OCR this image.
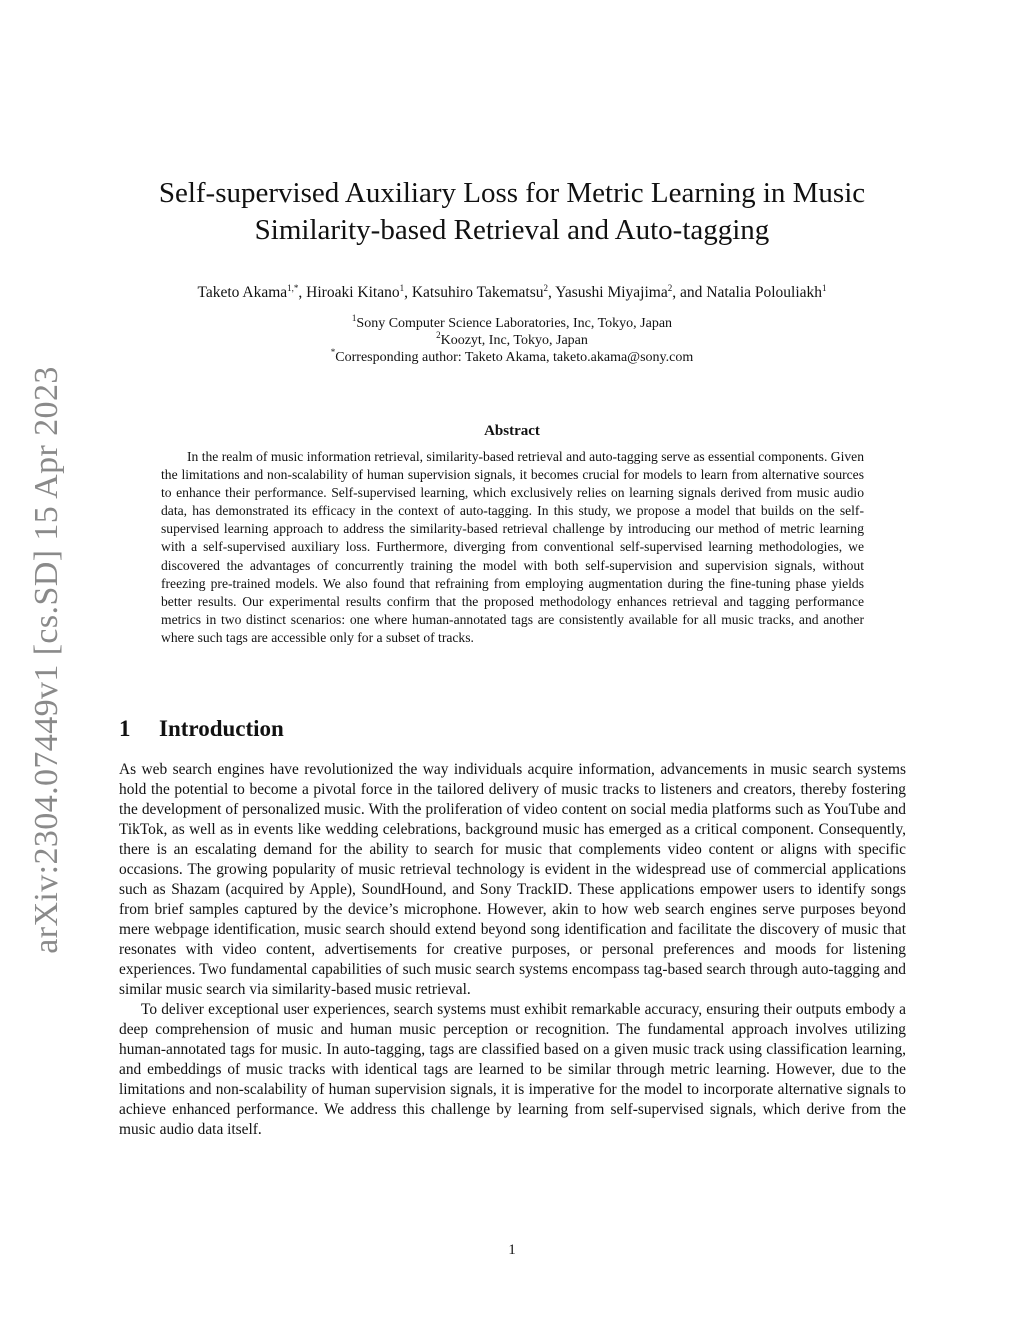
arXiv:2304.07449v1 [cs.SD] 15 Apr 2023
Self-supervised Auxiliary Loss for Metric Learning in Music
Similarity-based Retrieval and Auto-tagging

Taketo Akama$^{1,*}$, Hiroaki Kitano$^1$, Katsuhiro Takematsu$^2$, Yasushi Miyajima$^2$, and Natalia Polouliakh$^1$

$^1$Sony Computer Science Laboratories, Inc, Tokyo, Japan
$^2$Koozyt, Inc, Tokyo, Japan
*Corresponding author: Taketo Akama, taketo.akama@sony.com
Abstract

In the realm of music information retrieval, similarity-based retrieval and auto-tagging serve as essential components. Given the limitations and non-scalability of human supervision signals, it becomes crucial for models to learn from alternative sources to enhance their performance. Self-supervised learning, which exclusively relies on learning signals derived from music audio data, has demonstrated its efficacy in the context of auto-tagging. In this study, we propose a model that builds on the self-supervised learning approach to address the similarity-based retrieval challenge by introducing our method of metric learning with a self-supervised auxiliary loss. Furthermore, diverging from conventional self-supervised learning methodologies, we discovered the advantages of concurrently training the model with both self-supervision and supervision signals, without freezing pre-trained models. We also found that refraining from employing augmentation during the fine-tuning phase yields better results. Our experimental results confirm that the proposed methodology enhances retrieval and tagging performance metrics in two distinct scenarios: one where human-annotated tags are consistently available for all music tracks, and another where such tags are accessible only for a subset of tracks.

1 Introduction

As web search engines have revolutionized the way individuals acquire information, advancements in music search systems hold the potential to become a pivotal force in the tailored delivery of music tracks to listeners and creators, thereby fostering the development of personalized music. With the proliferation of video content on social media platforms such as YouTube and TikTok, as well as in events like wedding celebrations, background music has emerged as a critical component. Consequently, there is an escalating demand for the ability to search for music that complements video content or aligns with specific occasions. The growing popularity of music retrieval technology is evident in the widespread use of commercial applications such as Shazam (acquired by Apple), SoundHound, and Sony TrackID. These applications empower users to identify songs from brief samples captured by the device’s microphone. However, akin to how web search engines serve purposes beyond mere webpage identification, music search should extend beyond song identification and facilitate the discovery of music that resonates with video content, advertisements for creative purposes, or personal preferences and moods for listening experiences. Two fundamental capabilities of such music search systems encompass tag-based search through auto-tagging and similar music search via similarity-based music retrieval.

To deliver exceptional user experiences, search systems must exhibit remarkable accuracy, ensuring their outputs embody a deep comprehension of music and human music perception or recognition. The fundamental approach involves utilizing human-annotated tags for music. In auto-tagging, tags are classified based on a given music track using classification learning, and embeddings of music tracks with identical tags are learned to be similar through metric learning. However, due to the limitations and non-scalability of human supervision signals, it is imperative for the model to incorporate alternative signals to achieve enhanced performance. We address this challenge by learning from self-supervised signals, which derive from the music audio data itself.

1
